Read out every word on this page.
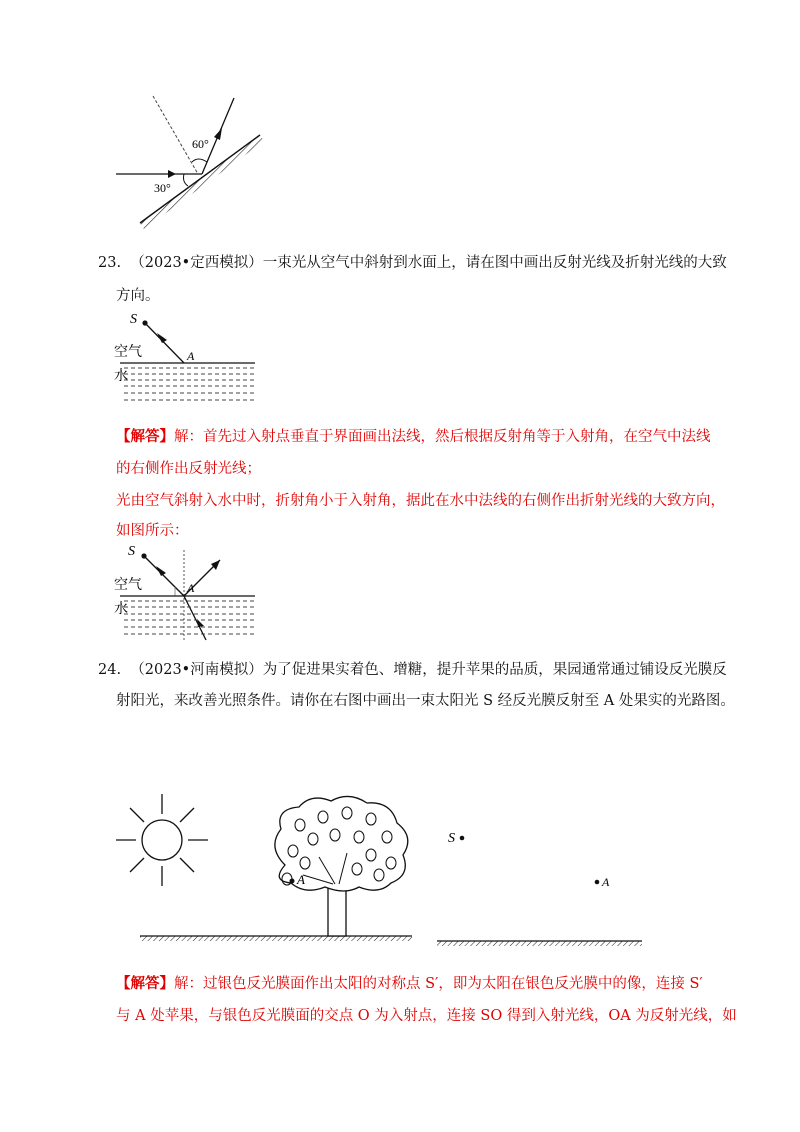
60°
30°
23. （2023•定西模拟）一束光从空气中斜射到水面上，请在图中画出反射光线及折射光线的大致
方向。
S
A
空气
水
【解答】解：首先过入射点垂直于界面画出法线，然后根据反射角等于入射角，在空气中法线
的右侧作出反射光线；
光由空气斜射入水中时，折射角小于入射角，据此在水中法线的右侧作出折射光线的大致方向，
如图所示：
S
A
空气
水
24. （2023•河南模拟）为了促进果实着色、增糖，提升苹果的品质，果园通常通过铺设反光膜反
射阳光，来改善光照条件。请你在右图中画出一束太阳光 S 经反光膜反射至 A 处果实的光路图。
A
S
A
【解答】解：过银色反光膜面作出太阳的对称点 S′，即为太阳在银色反光膜中的像，连接 S′
与 A 处苹果，与银色反光膜面的交点 O 为入射点，连接 SO 得到入射光线，OA 为反射光线，如
